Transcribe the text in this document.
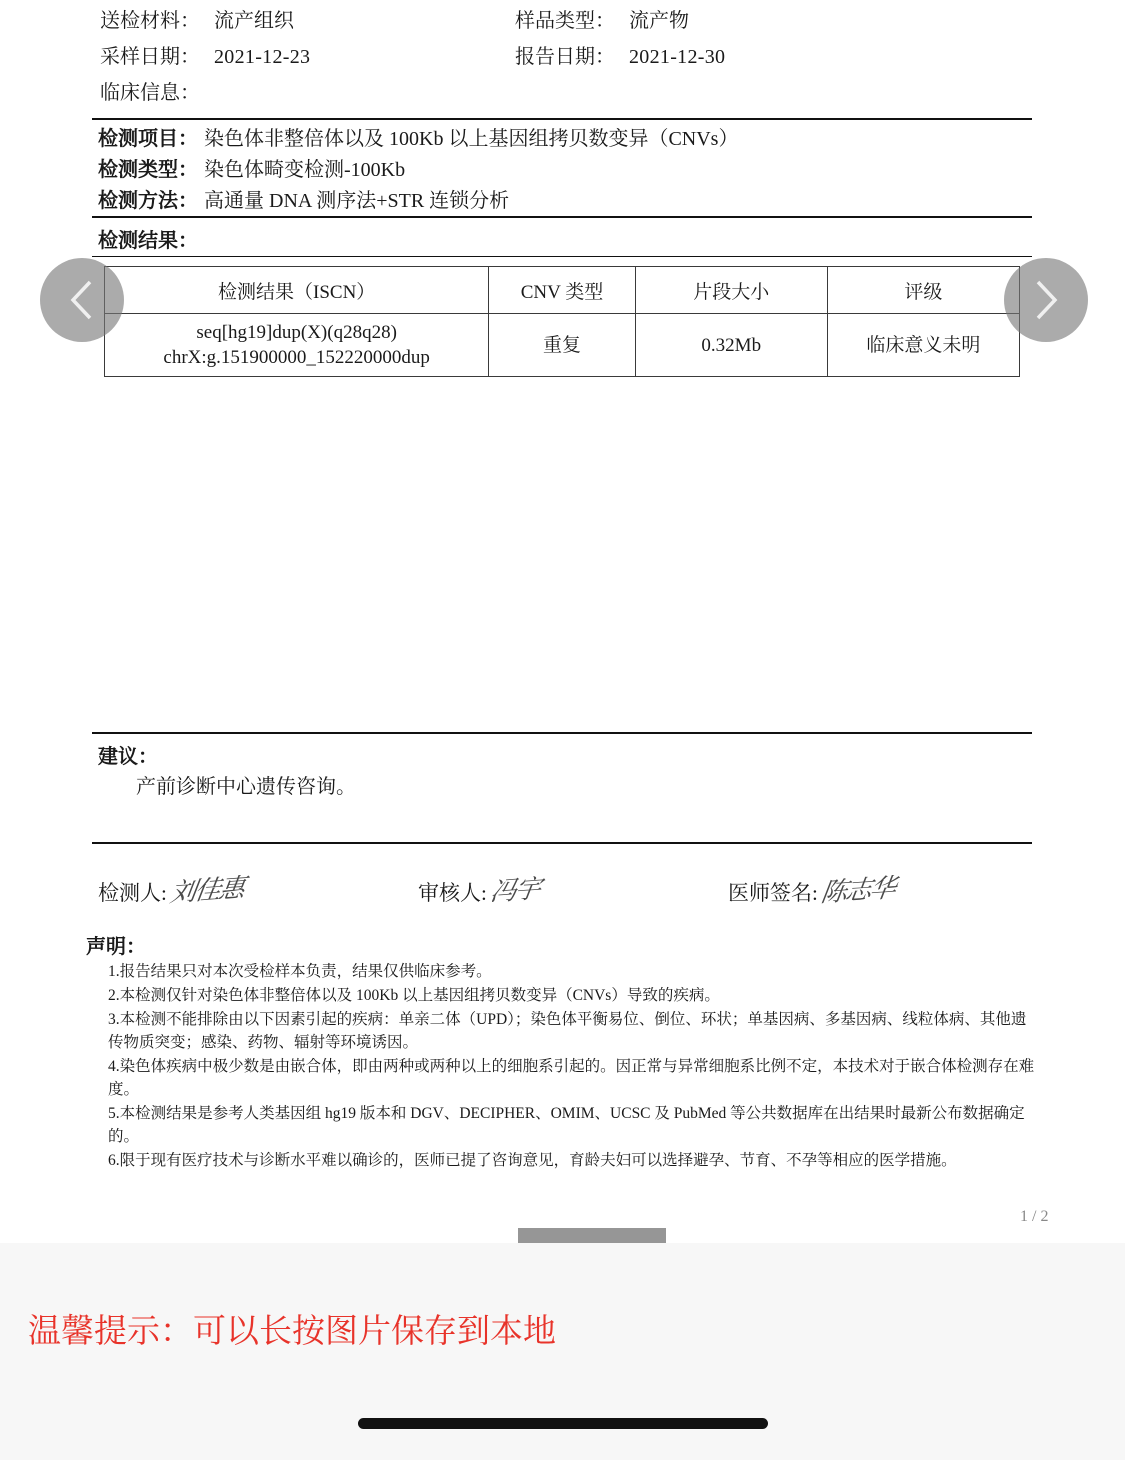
送检材料： 流产组织	样品类型： 流产物
采样日期： 2021-12-23	报告日期： 2021-12-30
临床信息：
检测项目： 染色体非整倍体以及 100Kb 以上基因组拷贝数变异（CNVs）
检测类型： 染色体畸变检测-100Kb
检测方法： 高通量 DNA 测序法+STR 连锁分析
检测结果：
检测结果（ISCN）	CNV 类型	片段大小	评级

seq[hg19]dup(X)(q28q28)
chrX:g.151900000_152220000dup	重复	0.32Mb	临床意义未明
建议：
产前诊断中心遗传咨询。
检测人: 刘佳惠	审核人: 冯宇	医师签名: 陈志华
声明：
1.报告结果只对本次受检样本负责，结果仅供临床参考。
2.本检测仅针对染色体非整倍体以及 100Kb 以上基因组拷贝数变异（CNVs）导致的疾病。
3.本检测不能排除由以下因素引起的疾病：单亲二体（UPD）；染色体平衡易位、倒位、环状；单基因病、多基因病、线粒体病、其他遗传物质突变；感染、药物、辐射等环境诱因。
4.染色体疾病中极少数是由嵌合体，即由两种或两种以上的细胞系引起的。因正常与异常细胞系比例不定，本技术对于嵌合体检测存在难度。
5.本检测结果是参考人类基因组 hg19 版本和 DGV、DECIPHER、OMIM、UCSC 及 PubMed 等公共数据库在出结果时最新公布数据确定的。
6.限于现有医疗技术与诊断水平难以确诊的，医师已提了咨询意见，育龄夫妇可以选择避孕、节育、不孕等相应的医学措施。
1 / 2
温馨提示：可以长按图片保存到本地
